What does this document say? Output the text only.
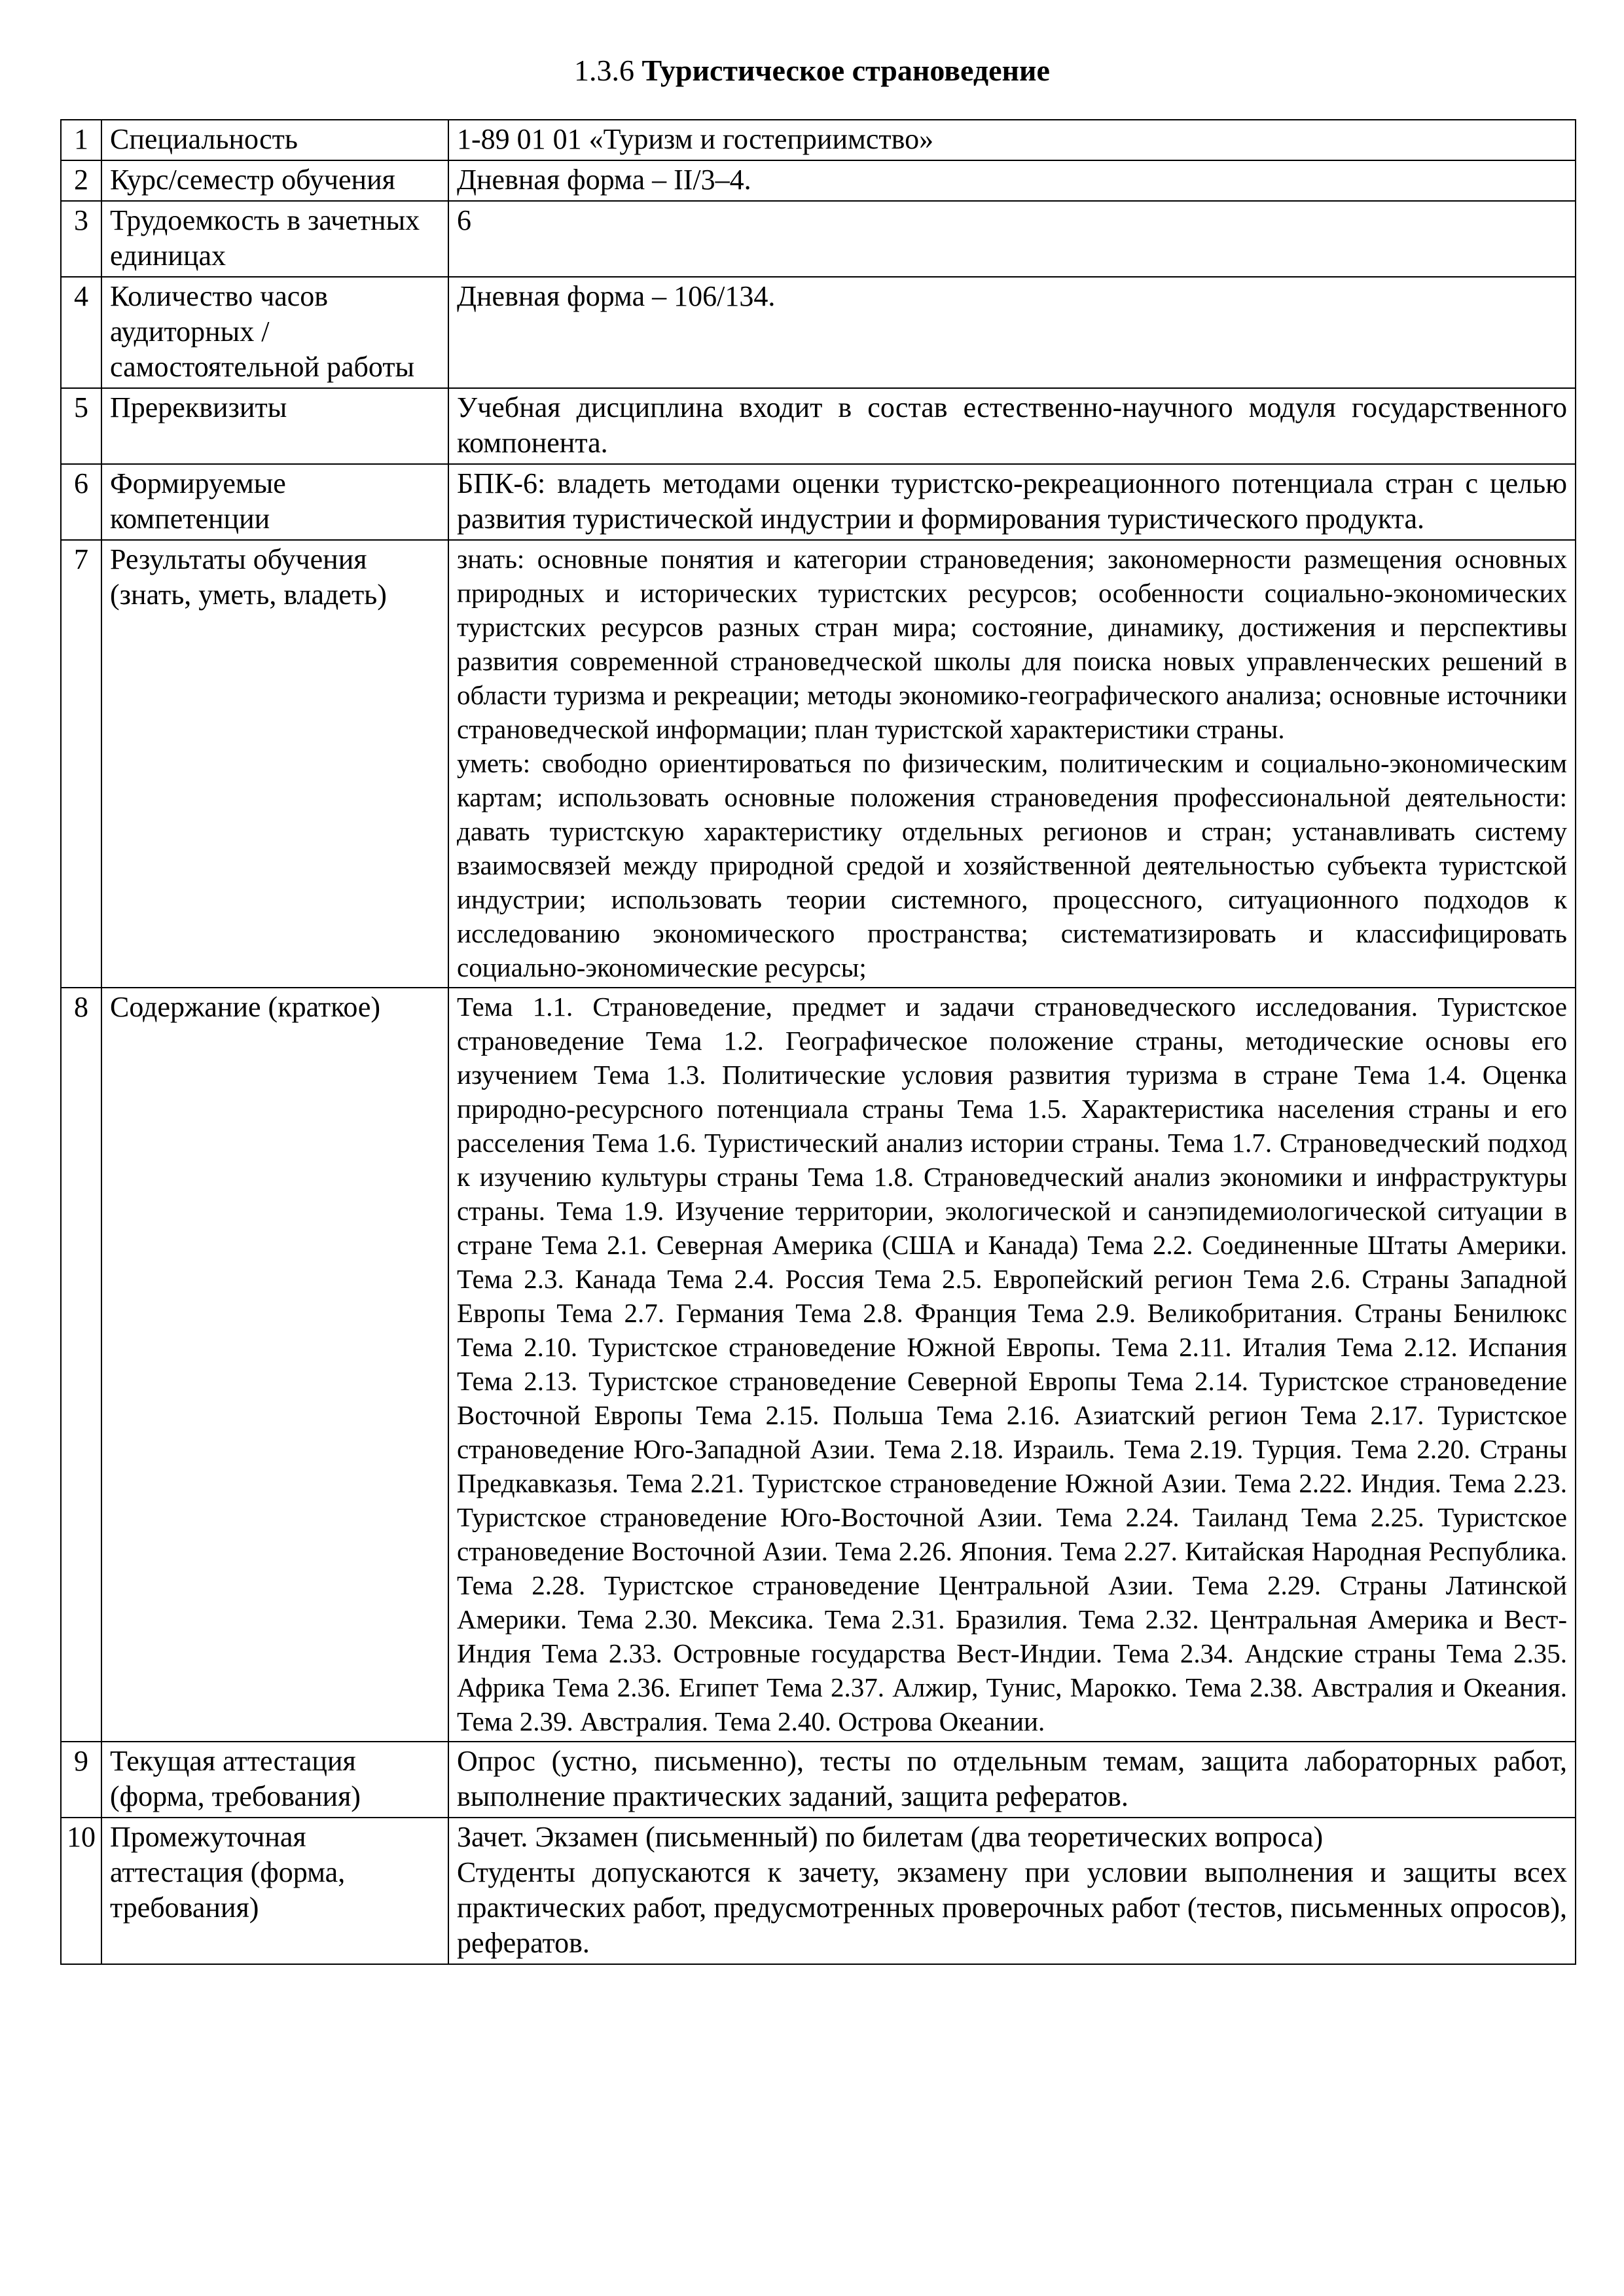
1.3.6 Туристическое страноведение
1	Специальность	1-89 01 01 «Туризм и гостеприимство»
2	Курс/семестр обучения	Дневная форма – II/3–4.
3	Трудоемкость в зачетных единицах	6
4	Количество часов аудиторных / самостоятельной работы	Дневная форма – 106/134.
5	Пререквизиты	Учебная дисциплина входит в состав естественно-научного модуля государственного компонента.
6	Формируемые компетенции	БПК-6: владеть методами оценки туристско-рекреационного потенциала стран с целью развития туристической индустрии и формирования туристического продукта.
7	Результаты обучения (знать, уметь, владеть)	знать: основные понятия и категории страноведения; закономерности размещения основных природных и исторических туристских ресурсов; особенности социально-экономических туристских ресурсов разных стран мира; состояние, динамику, достижения и перспективы развития современной страноведческой школы для поиска новых управленческих решений в области туризма и рекреации; методы экономико-географического анализа; основные источники страноведческой информации; план туристской характеристики страны.

уметь: свободно ориентироваться по физическим, политическим и социально-экономическим картам; использовать основные положения страноведения профессиональной деятельности: давать туристскую характеристику отдельных регионов и стран; устанавливать систему взаимосвязей между природной средой и хозяйственной деятельностью субъекта туристской индустрии; использовать теории системного, процессного, ситуационного подходов к исследованию экономического пространства; систематизировать и классифицировать социально-экономические ресурсы;

8	Содержание (краткое)	Тема 1.1. Страноведение, предмет и задачи страноведческого исследования. Туристское страноведение Тема 1.2. Географическое положение страны, методические основы его изучением Тема 1.3. Политические условия развития туризма в стране Тема 1.4. Оценка природно-ресурсного потенциала страны Тема 1.5. Характеристика населения страны и его расселения Тема 1.6. Туристический анализ истории страны. Тема 1.7. Страноведческий подход к изучению культуры страны Тема 1.8. Страноведческий анализ экономики и инфраструктуры страны. Тема 1.9. Изучение территории, экологической и санэпидемиологической ситуации в стране Тема 2.1. Северная Америка (США и Канада) Тема 2.2. Соединенные Штаты Америки. Тема 2.3. Канада Тема 2.4. Россия Тема 2.5. Европейский регион Тема 2.6. Страны Западной Европы Тема 2.7. Германия Тема 2.8. Франция Тема 2.9. Великобритания. Страны Бенилюкс Тема 2.10. Туристское страноведение Южной Европы. Тема 2.11. Италия Тема 2.12. Испания Тема 2.13. Туристское страноведение Северной Европы Тема 2.14. Туристское страноведение Восточной Европы Тема 2.15. Польша Тема 2.16. Азиатский регион Тема 2.17. Туристское страноведение Юго-Западной Азии. Тема 2.18. Израиль. Тема 2.19. Турция. Тема 2.20. Страны Предкавказья. Тема 2.21. Туристское страноведение Южной Азии. Тема 2.22. Индия. Тема 2.23. Туристское страноведение Юго-Восточной Азии. Тема 2.24. Таиланд Тема 2.25. Туристское страноведение Восточной Азии. Тема 2.26. Япония. Тема 2.27. Китайская Народная Республика. Тема 2.28. Туристское страноведение Центральной Азии. Тема 2.29. Страны Латинской Америки. Тема 2.30. Мексика. Тема 2.31. Бразилия. Тема 2.32. Центральная Америка и Вест-Индия Тема 2.33. Островные государства Вест-Индии. Тема 2.34. Андские страны Тема 2.35. Африка Тема 2.36. Египет Тема 2.37. Алжир, Тунис, Марокко. Тема 2.38. Австралия и Океания. Тема 2.39. Австралия. Тема 2.40. Острова Океании.
9	Текущая аттестация (форма, требования)	Опрос (устно, письменно), тесты по отдельным темам, защита лабораторных работ, выполнение практических заданий, защита рефератов.
10	Промежуточная аттестация (форма, требования)	Зачет. Экзамен (письменный) по билетам (два теоретических вопроса)

Студенты допускаются к зачету, экзамену при условии выполнения и защиты всех практических работ, предусмотренных проверочных работ (тестов, письменных опросов), рефератов.
